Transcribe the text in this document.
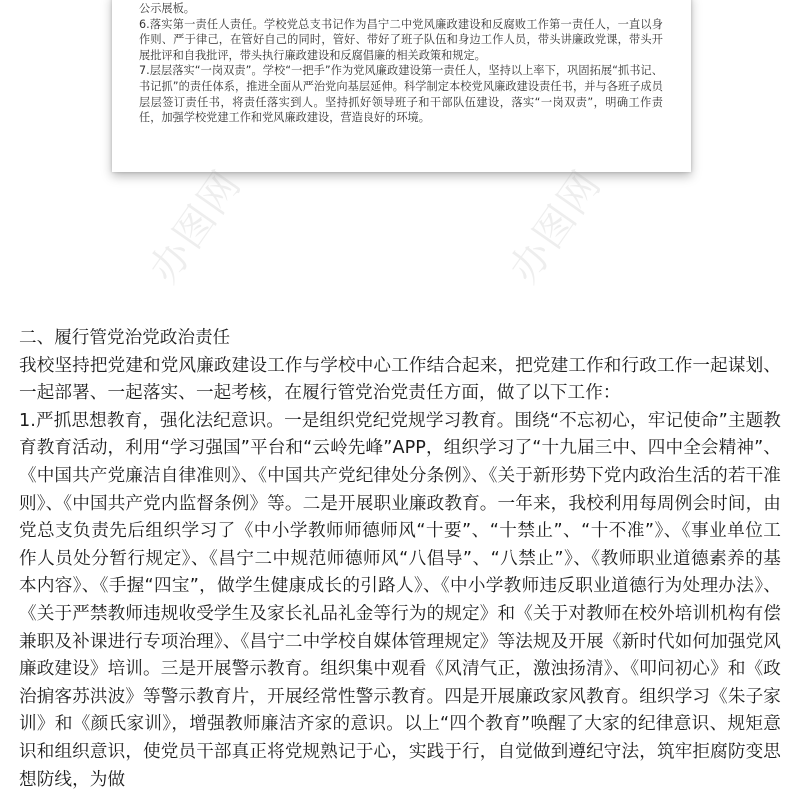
公示展板。

6.落实第一责任人责任。学校党总支书记作为昌宁二中党风廉政建设和反腐败工作第一责任人，一直以身作则、严于律己，在管好自己的同时，管好、带好了班子队伍和身边工作人员，带头讲廉政党课，带头开展批评和自我批评，带头执行廉政建设和反腐倡廉的相关政策和规定。

7.层层落实“一岗双责”。学校“一把手”作为党风廉政建设第一责任人，坚持以上率下，巩固拓展“抓书记、书记抓”的责任体系，推进全面从严治党向基层延伸。科学制定本校党风廉政建设责任书，并与各班子成员层层签订责任书，将责任落实到人。坚持抓好领导班子和干部队伍建设，落实“一岗双责”，明确工作责任，加强学校党建工作和党风廉政建设，营造良好的环境。

办图网	办图网
二、履行管党治党政治责任

我校坚持把党建和党风廉政建设工作与学校中心工作结合起来，把党建工作和行政工作一起谋划、一起部署、一起落实、一起考核，在履行管党治党责任方面，做了以下工作：

1.严抓思想教育，强化法纪意识。一是组织党纪党规学习教育。围绕“不忘初心，牢记使命”主题教育教育活动，利用“学习强国”平台和“云岭先峰”APP，组织学习了“十九届三中、四中全会精神”、《中国共产党廉洁自律准则》、《中国共产党纪律处分条例》、《关于新形势下党内政治生活的若干准则》、《中国共产党内监督条例》等。二是开展职业廉政教育。一年来，我校利用每周例会时间，由党总支负责先后组织学习了《中小学教师师德师风“十要”、“十禁止”、“十不准”》、《事业单位工作人员处分暂行规定》、《昌宁二中规范师德师风“八倡导”、“八禁止”》、《教师职业道德素养的基本内容》、《手握“四宝”，做学生健康成长的引路人》、《中小学教师违反职业道德行为处理办法》、《关于严禁教师违规收受学生及家长礼品礼金等行为的规定》和《关于对教师在校外培训机构有偿兼职及补课进行专项治理》、《昌宁二中学校自媒体管理规定》等法规及开展《新时代如何加强党风廉政建设》培训。三是开展警示教育。组织集中观看《风清气正，激浊扬清》、《叩问初心》和《政治掮客苏洪波》等警示教育片，开展经常性警示教育。四是开展廉政家风教育。组织学习《朱子家训》和《颜氏家训》，增强教师廉洁齐家的意识。以上“四个教育”唤醒了大家的纪律意识、规矩意识和组织意识，使党员干部真正将党规熟记于心，实践于行，自觉做到遵纪守法，筑牢拒腐防变思想防线，为做
